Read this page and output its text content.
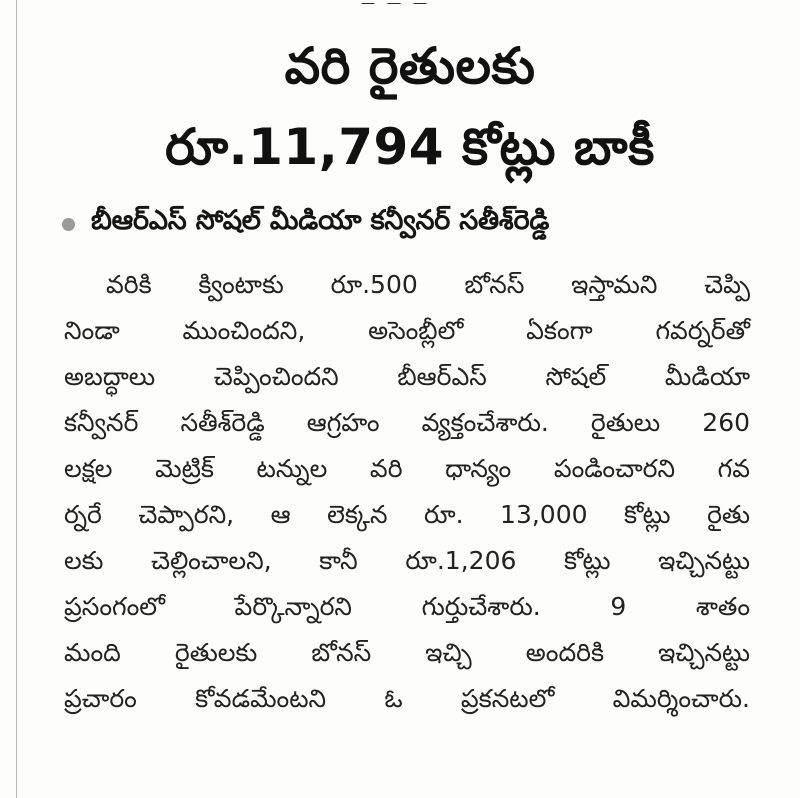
వరి రైతులకు
రూ.11,794 కోట్లు బాకీ
బీఆర్ఎస్ సోషల్ మీడియా కన్వీనర్ సతీశ్‌రెడ్డి
వరికి క్వింటాకు రూ.500 బోనస్ ఇస్తామని చెప్పి
నిండా ముంచిందని, అసెంబ్లీలో ఏకంగా గవర్నర్‌తో
అబద్ధాలు చెప్పించిందని బీఆర్ఎస్ సోషల్ మీడియా
కన్వీనర్ సతీశ్‌రెడ్డి ఆగ్రహం వ్యక్తంచేశారు. రైతులు 260
లక్షల మెట్రిక్ టన్నుల వరి ధాన్యం పండించారని గవ
ర్నరే చెప్పారని, ఆ లెక్కన రూ. 13,000 కోట్లు రైతు
లకు చెల్లించాలని, కానీ రూ.1,206 కోట్లు ఇచ్చినట్టు
ప్రసంగంలో పేర్కొన్నారని గుర్తుచేశారు. 9 శాతం
మంది రైతులకు బోనస్ ఇచ్చి అందరికి ఇచ్చినట్టు
ప్రచారం కోవడమేంటని ఓ ప్రకనటలో విమర్శించారు.
